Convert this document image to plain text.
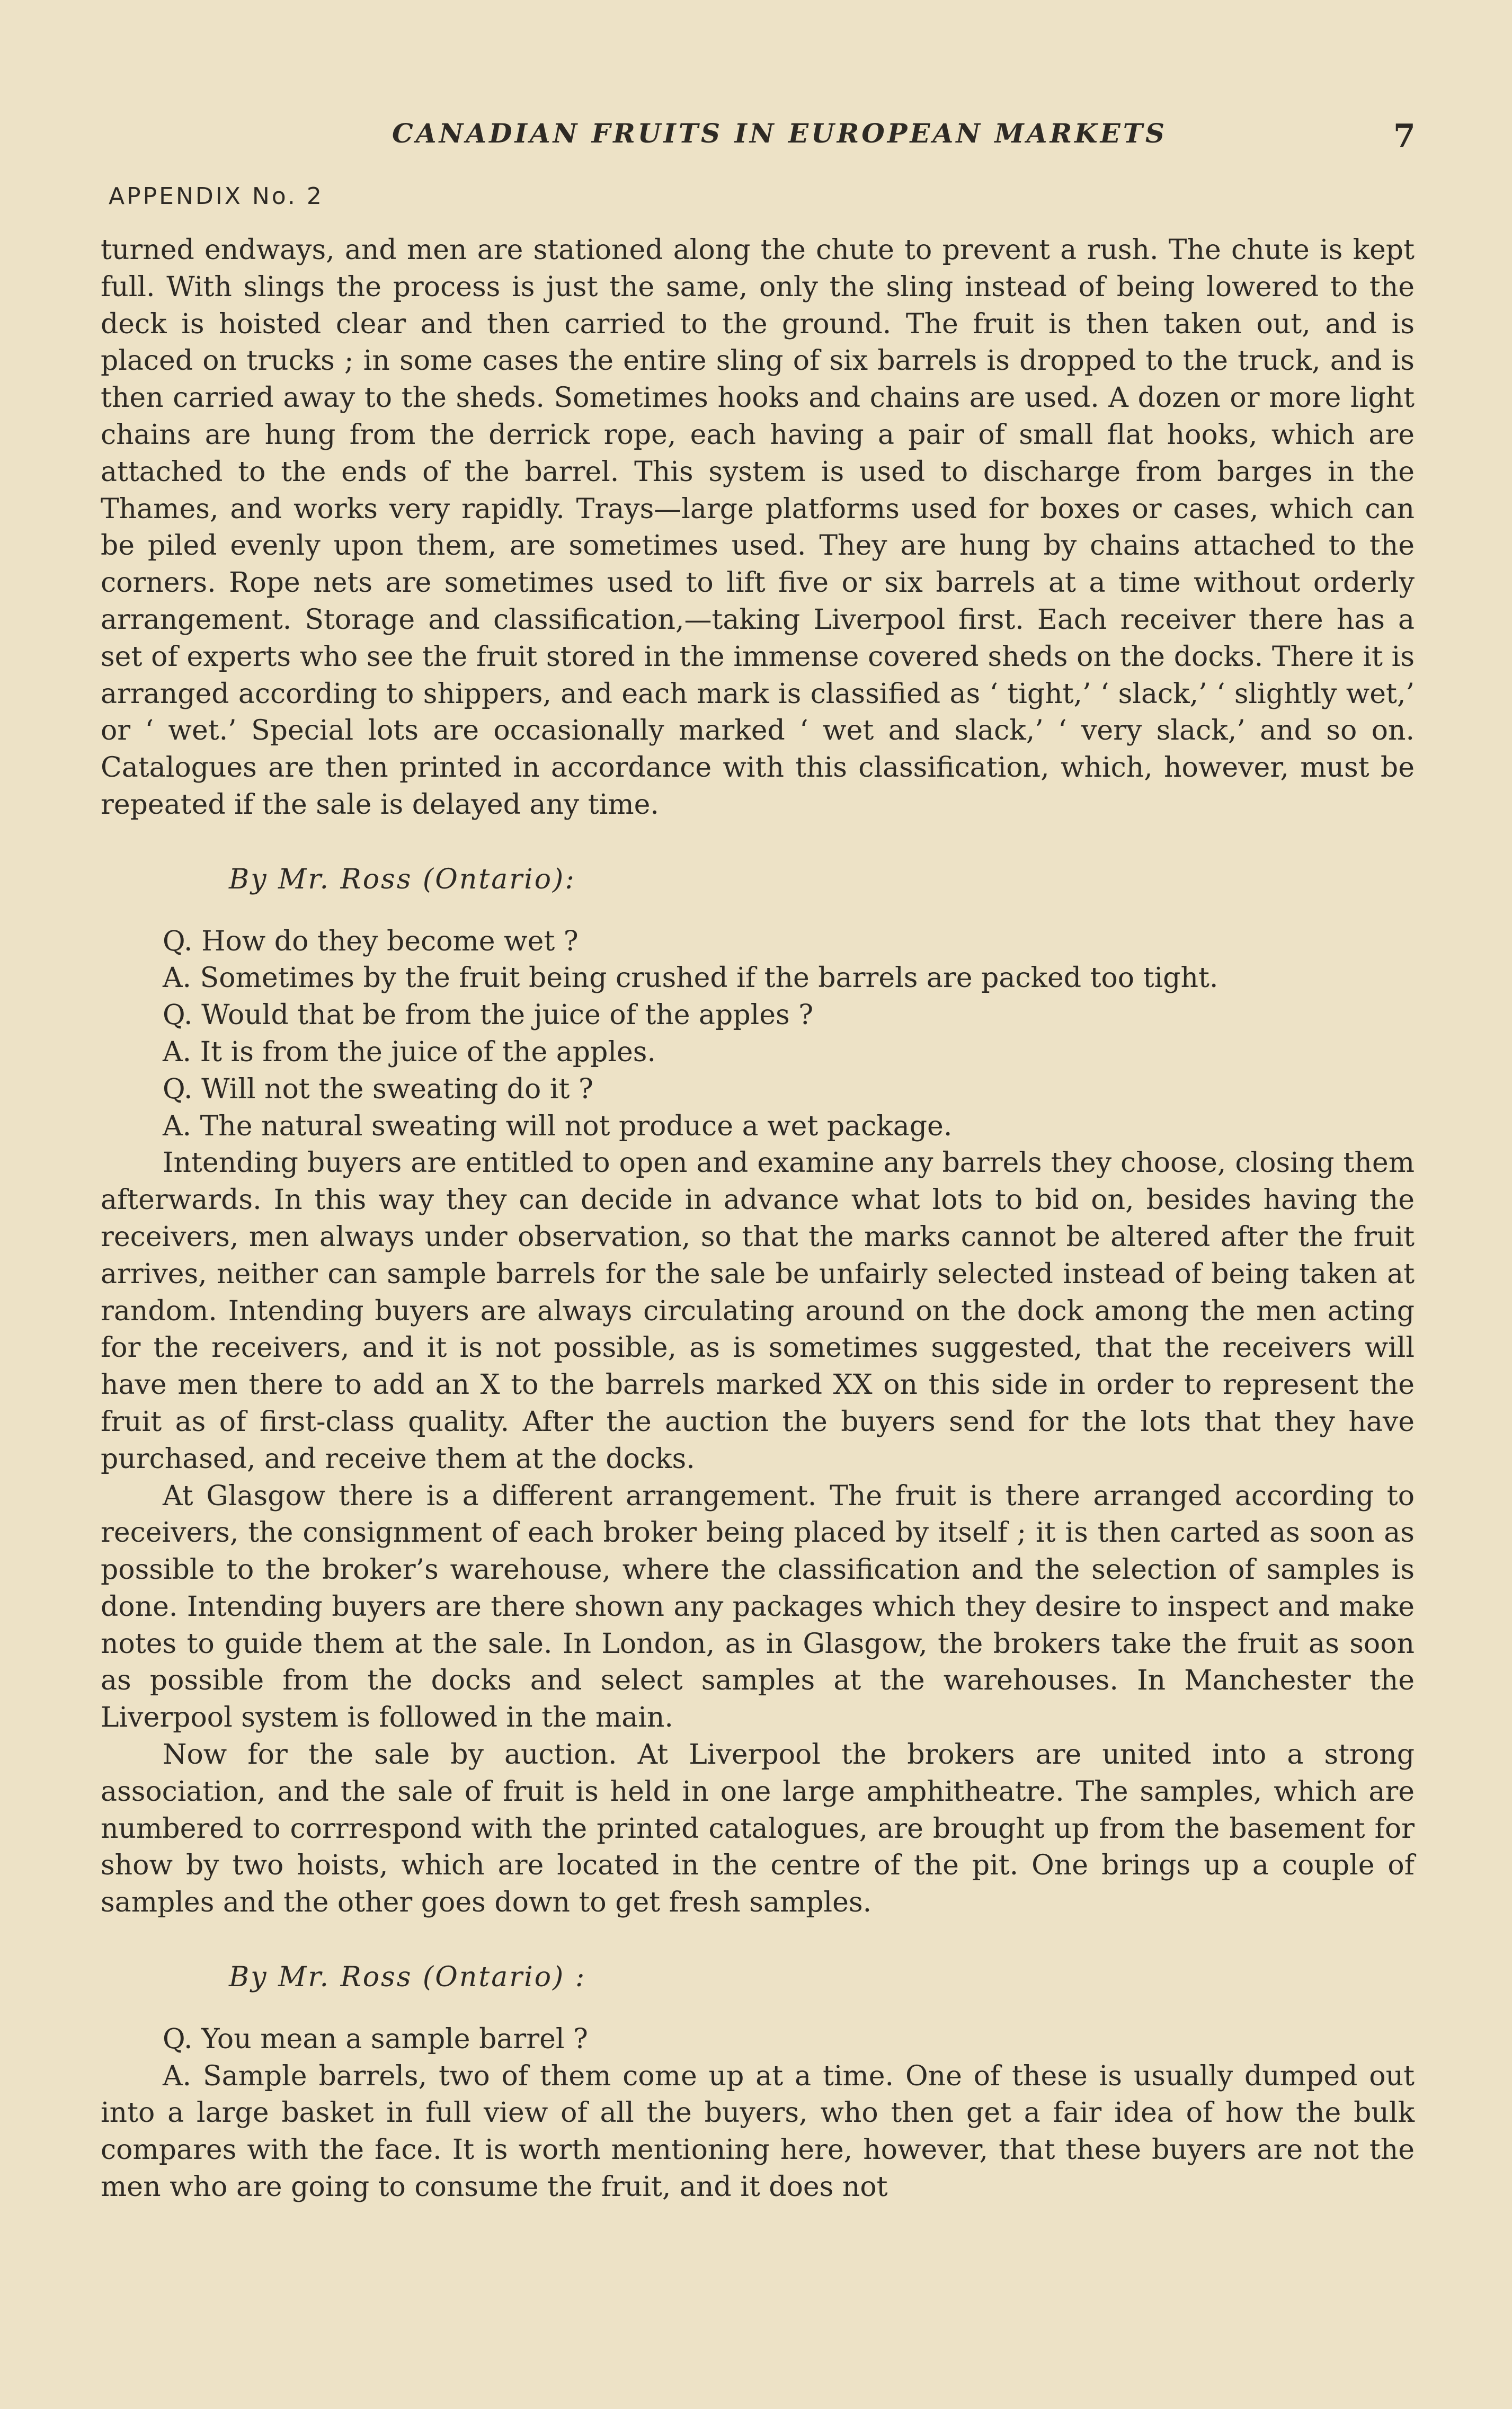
CANADIAN FRUITS IN EUROPEAN MARKETS	7
APPENDIX No. 2

turned endways, and men are stationed along the chute to prevent a rush. The chute is kept full. With slings the process is just the same, only the sling instead of being lowered to the deck is hoisted clear and then carried to the ground. The fruit is then taken out, and is placed on trucks ; in some cases the entire sling of six barrels is dropped to the truck, and is then carried away to the sheds. Sometimes hooks and chains are used. A dozen or more light chains are hung from the derrick rope, each having a pair of small flat hooks, which are attached to the ends of the barrel. This system is used to discharge from barges in the Thames, and works very rapidly. Trays—large platforms used for boxes or cases, which can be piled evenly upon them, are sometimes used. They are hung by chains attached to the corners. Rope nets are sometimes used to lift five or six barrels at a time without orderly arrangement. Storage and classification,—taking Liverpool first. Each receiver there has a set of experts who see the fruit stored in the immense covered sheds on the docks. There it is arranged according to shippers, and each mark is classified as ‘ tight,’ ‘ slack,’ ‘ slightly wet,’ or ‘ wet.’ Special lots are occasionally marked ‘ wet and slack,’ ‘ very slack,’ and so on. Catalogues are then printed in accordance with this classification, which, however, must be repeated if the sale is delayed any time.

By Mr. Ross (Ontario):

Q. How do they become wet ?

A. Sometimes by the fruit being crushed if the barrels are packed too tight.

Q. Would that be from the juice of the apples ?

A. It is from the juice of the apples.

Q. Will not the sweating do it ?

A. The natural sweating will not produce a wet package.

Intending buyers are entitled to open and examine any barrels they choose, closing them afterwards. In this way they can decide in advance what lots to bid on, besides having the receivers, men always under observation, so that the marks cannot be altered after the fruit arrives, neither can sample barrels for the sale be unfairly selected instead of being taken at random. Intending buyers are always circulating around on the dock among the men acting for the receivers, and it is not possible, as is sometimes suggested, that the receivers will have men there to add an X to the barrels marked XX on this side in order to represent the fruit as of first-class quality. After the auction the buyers send for the lots that they have purchased, and receive them at the docks.

At Glasgow there is a different arrangement. The fruit is there arranged according to receivers, the consignment of each broker being placed by itself ; it is then carted as soon as possible to the broker’s warehouse, where the classification and the selection of samples is done. Intending buyers are there shown any packages which they desire to inspect and make notes to guide them at the sale. In London, as in Glasgow, the brokers take the fruit as soon as possible from the docks and select samples at the warehouses. In Manchester the Liverpool system is followed in the main.

Now for the sale by auction. At Liverpool the brokers are united into a strong association, and the sale of fruit is held in one large amphitheatre. The samples, which are numbered to corrrespond with the printed catalogues, are brought up from the basement for show by two hoists, which are located in the centre of the pit. One brings up a couple of samples and the other goes down to get fresh samples.

By Mr. Ross (Ontario) :

Q. You mean a sample barrel ?

A. Sample barrels, two of them come up at a time. One of these is usually dumped out into a large basket in full view of all the buyers, who then get a fair idea of how the bulk compares with the face. It is worth mentioning here, however, that these buyers are not the men who are going to consume the fruit, and it does not
